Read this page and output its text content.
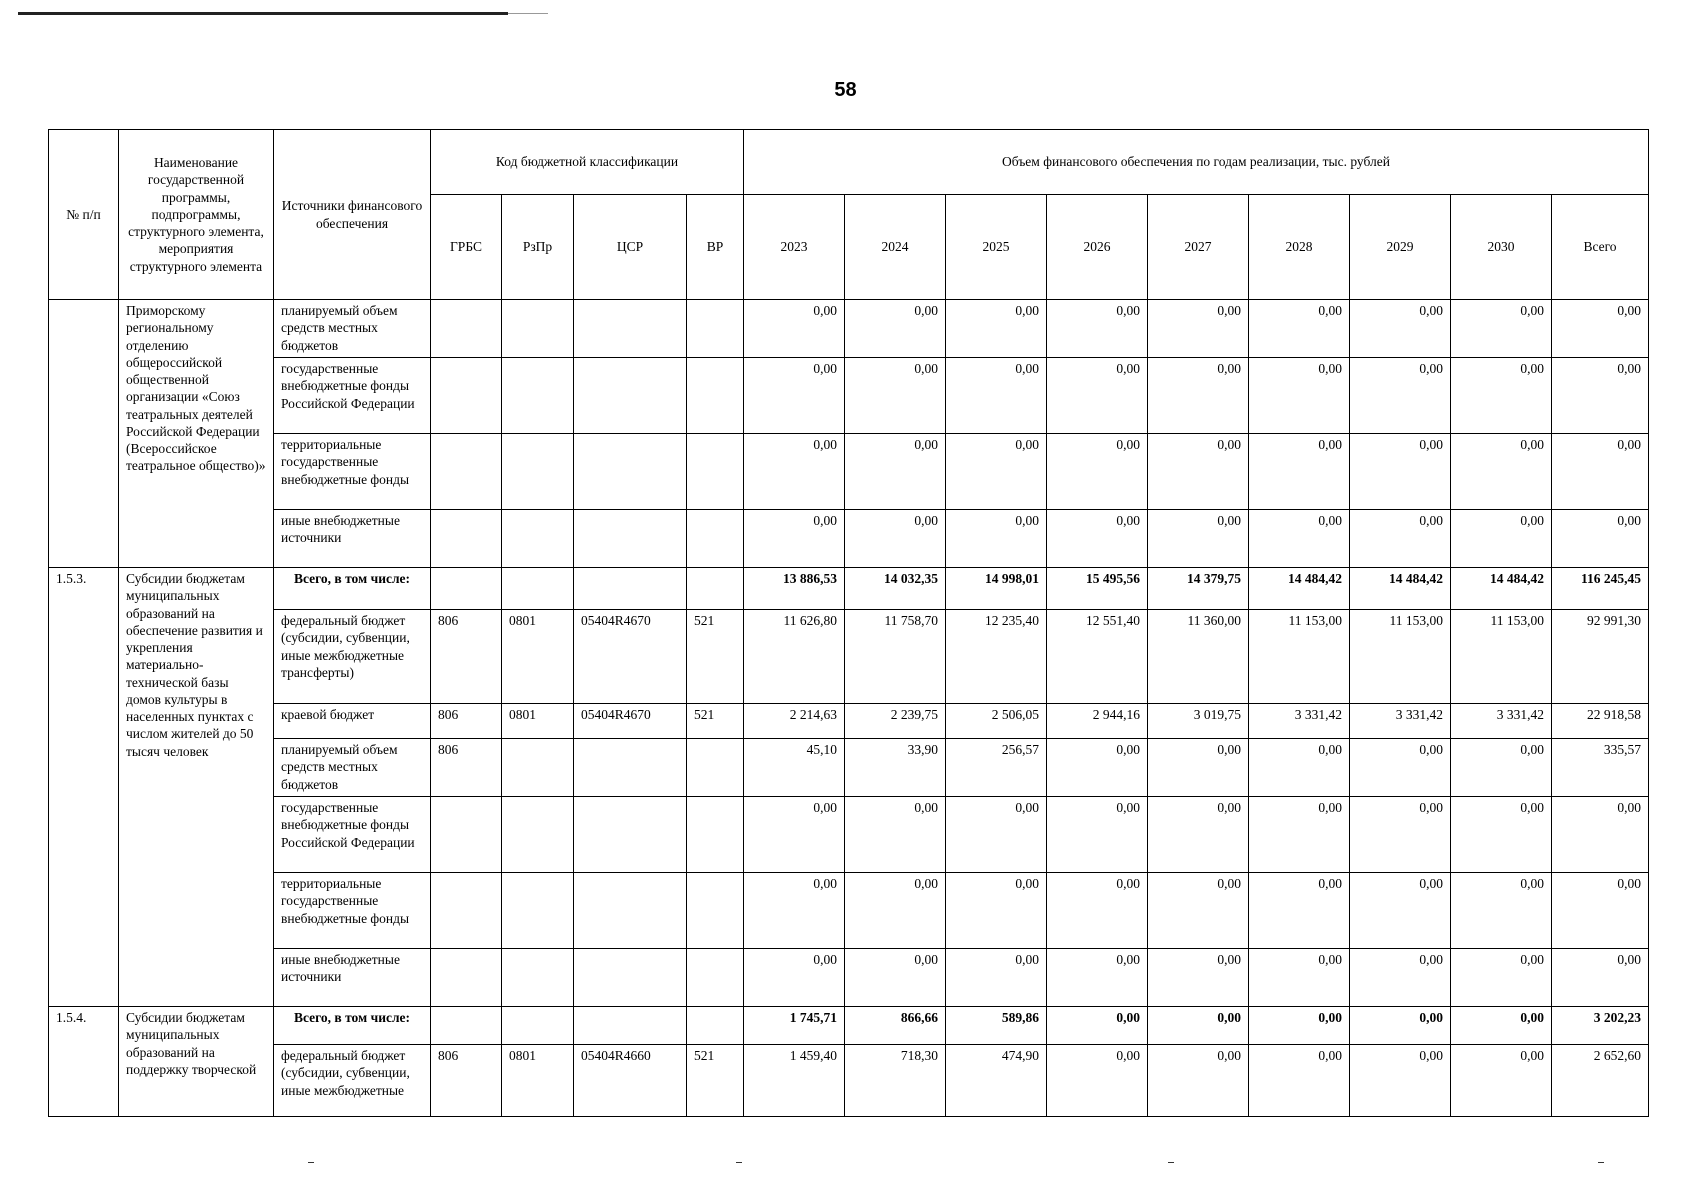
58
№ п/п	Наименование государственной программы, подпрограммы, структурного элемента, мероприятия структурного элемента	Источники финансового обеспечения	Код бюджетной классификации				Объем финансового обеспечения по годам реализации, тыс. рублей								
			ГРБС	РзПр	ЦСР	ВР	2023	2024	2025	2026	2027	2028	2029	2030	Всего
	Приморскому региональному отделению общероссийской общественной организации «Союз театральных деятелей Российской Федерации (Всероссийское театральное общество)»	планируемый объем средств местных бюджетов					0,00	0,00	0,00	0,00	0,00	0,00	0,00	0,00	0,00
		государственные внебюджетные фонды Российской Федерации					0,00	0,00	0,00	0,00	0,00	0,00	0,00	0,00	0,00
		территориальные государственные внебюджетные фонды					0,00	0,00	0,00	0,00	0,00	0,00	0,00	0,00	0,00
		иные внебюджетные источники					0,00	0,00	0,00	0,00	0,00	0,00	0,00	0,00	0,00
1.5.3.	Субсидии бюджетам муниципальных образований на обеспечение развития и укрепления материально-технической базы домов культуры в населенных пунктах с числом жителей до 50 тысяч человек	Всего, в том числе:					13 886,53	14 032,35	14 998,01	15 495,56	14 379,75	14 484,42	14 484,42	14 484,42	116 245,45
		федеральный бюджет (субсидии, субвенции, иные межбюджетные трансферты)	806	0801	05404R4670	521	11 626,80	11 758,70	12 235,40	12 551,40	11 360,00	11 153,00	11 153,00	11 153,00	92 991,30
		краевой бюджет	806	0801	05404R4670	521	2 214,63	2 239,75	2 506,05	2 944,16	3 019,75	3 331,42	3 331,42	3 331,42	22 918,58
		планируемый объем средств местных бюджетов	806				45,10	33,90	256,57	0,00	0,00	0,00	0,00	0,00	335,57
		государственные внебюджетные фонды Российской Федерации					0,00	0,00	0,00	0,00	0,00	0,00	0,00	0,00	0,00
		территориальные государственные внебюджетные фонды					0,00	0,00	0,00	0,00	0,00	0,00	0,00	0,00	0,00
		иные внебюджетные источники					0,00	0,00	0,00	0,00	0,00	0,00	0,00	0,00	0,00
1.5.4.	Субсидии бюджетам муниципальных образований на поддержку творческой	Всего, в том числе:					1 745,71	866,66	589,86	0,00	0,00	0,00	0,00	0,00	3 202,23
		федеральный бюджет (субсидии, субвенции, иные межбюджетные	806	0801	05404R4660	521	1 459,40	718,30	474,90	0,00	0,00	0,00	0,00	0,00	2 652,60
